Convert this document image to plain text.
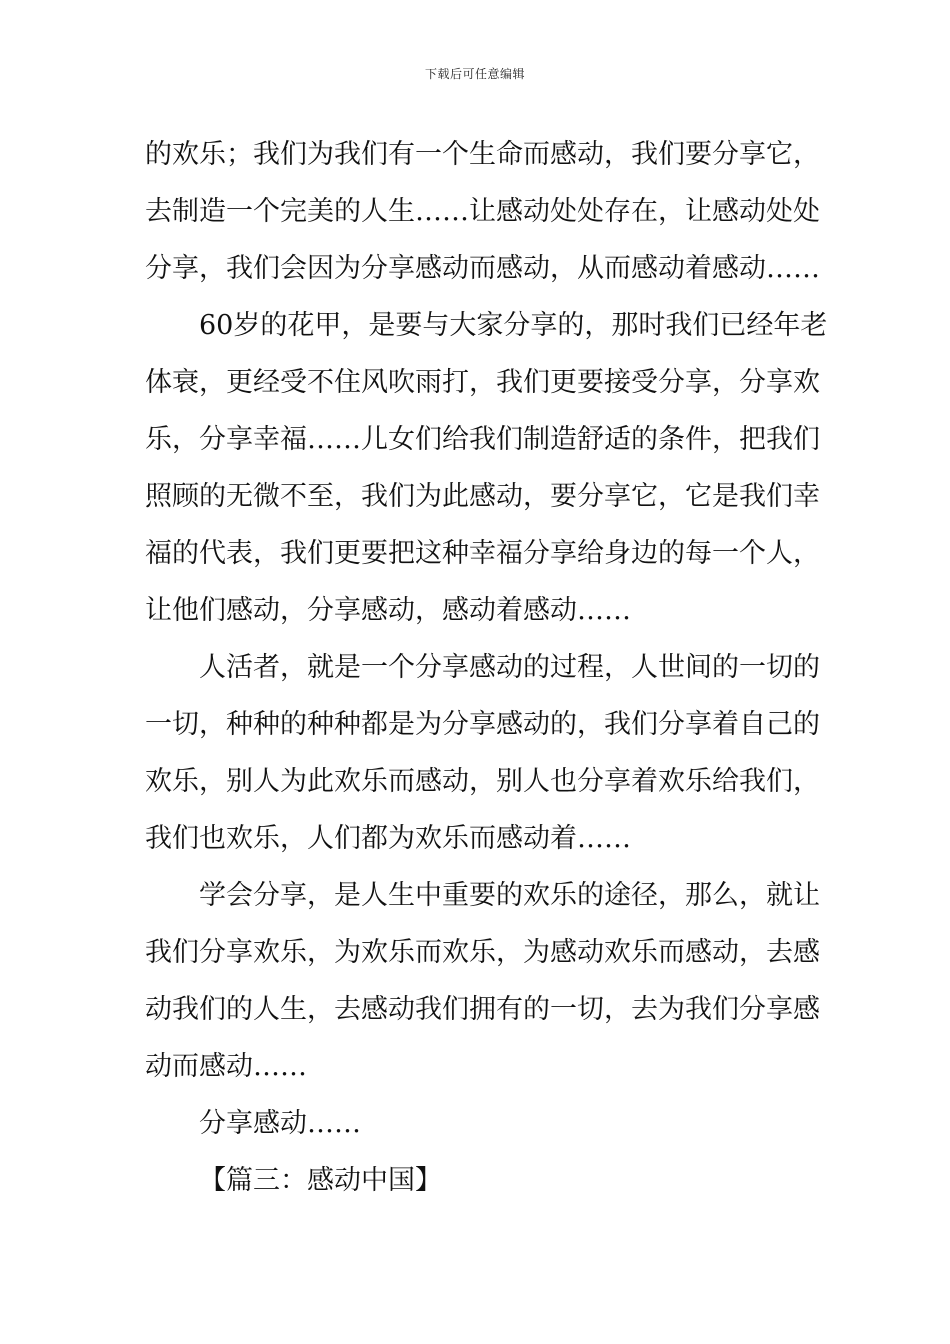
下载后可任意编辑
的欢乐；我们为我们有一个生命而感动，我们要分享它，
去制造一个完美的人生……让感动处处存在，让感动处处
分享，我们会因为分享感动而感动，从而感动着感动……
60岁的花甲，是要与大家分享的，那时我们已经年老
体衰，更经受不住风吹雨打，我们更要接受分享，分享欢
乐，分享幸福……儿女们给我们制造舒适的条件，把我们
照顾的无微不至，我们为此感动，要分享它，它是我们幸
福的代表，我们更要把这种幸福分享给身边的每一个人，
让他们感动，分享感动，感动着感动……
人活者，就是一个分享感动的过程，人世间的一切的
一切，种种的种种都是为分享感动的，我们分享着自己的
欢乐，别人为此欢乐而感动，别人也分享着欢乐给我们，
我们也欢乐，人们都为欢乐而感动着……
学会分享，是人生中重要的欢乐的途径，那么，就让
我们分享欢乐，为欢乐而欢乐，为感动欢乐而感动，去感
动我们的人生，去感动我们拥有的一切，去为我们分享感
动而感动……
分享感动……
【篇三：感动中国】
